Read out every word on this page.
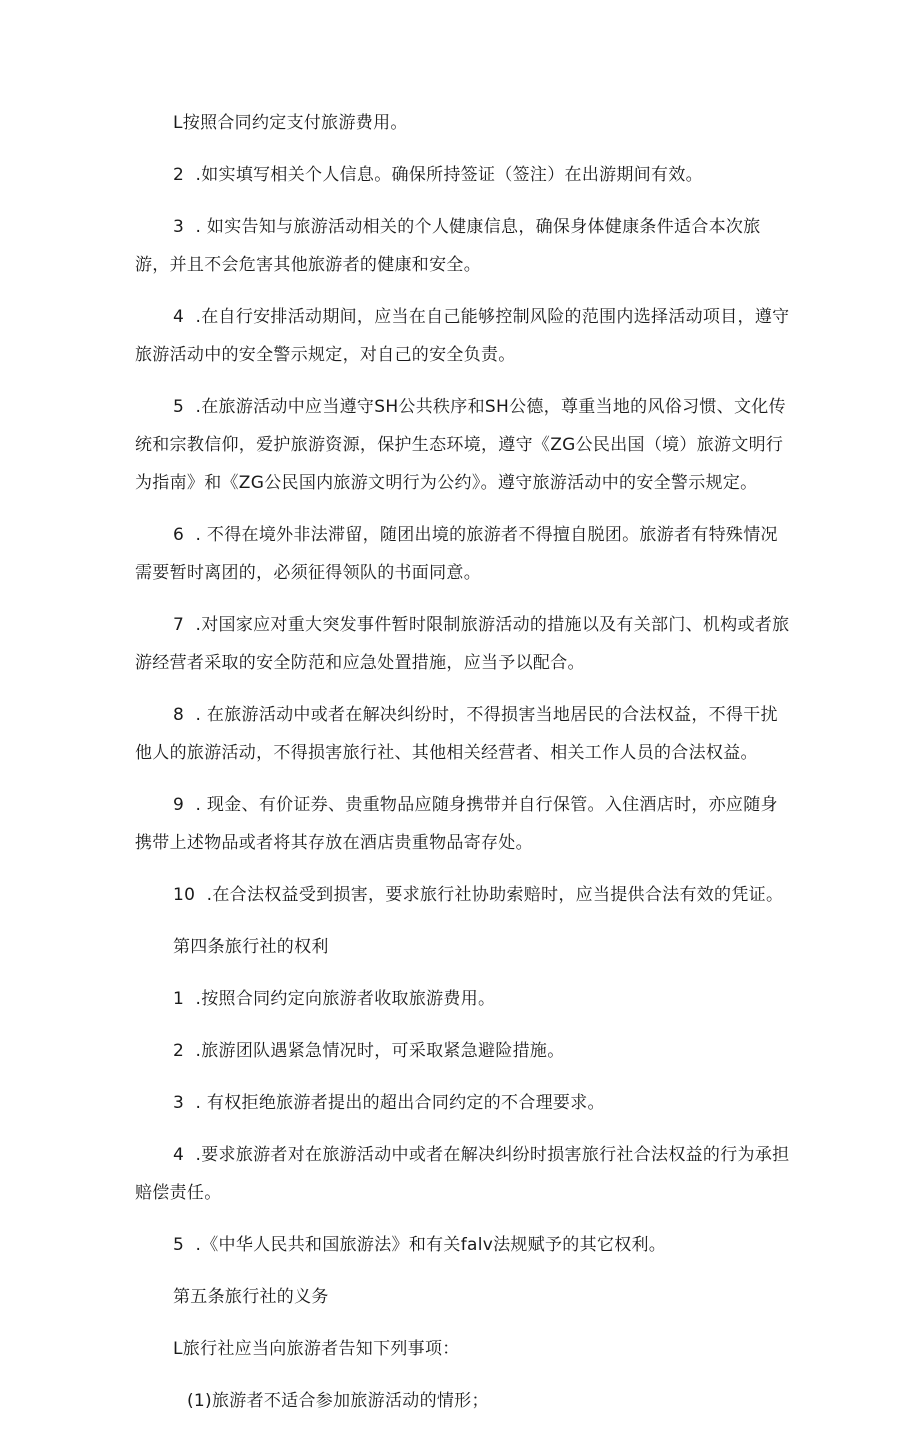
L按照合同约定支付旅游费用。

2  .如实填写相关个人信息。确保所持签证（签注）在出游期间有效。

3  . 如实告知与旅游活动相关的个人健康信息，确保身体健康条件适合本次旅游，并且不会危害其他旅游者的健康和安全。

4  .在自行安排活动期间，应当在自己能够控制风险的范围内选择活动项目，遵守旅游活动中的安全警示规定，对自己的安全负责。

5  .在旅游活动中应当遵守SH公共秩序和SH公德，尊重当地的风俗习惯、文化传统和宗教信仰，爱护旅游资源，保护生态环境，遵守《ZG公民出国（境）旅游文明行为指南》和《ZG公民国内旅游文明行为公约》。遵守旅游活动中的安全警示规定。

6  . 不得在境外非法滞留，随团出境的旅游者不得擅自脱团。旅游者有特殊情况需要暂时离团的，必须征得领队的书面同意。

7  .对国家应对重大突发事件暂时限制旅游活动的措施以及有关部门、机构或者旅游经营者采取的安全防范和应急处置措施，应当予以配合。

8  . 在旅游活动中或者在解决纠纷时，不得损害当地居民的合法权益，不得干扰他人的旅游活动，不得损害旅行社、其他相关经营者、相关工作人员的合法权益。

9  . 现金、有价证券、贵重物品应随身携带并自行保管。入住酒店时，亦应随身携带上述物品或者将其存放在酒店贵重物品寄存处。

10  .在合法权益受到损害，要求旅行社协助索赔时，应当提供合法有效的凭证。

第四条旅行社的权利

1  .按照合同约定向旅游者收取旅游费用。

2  .旅游团队遇紧急情况时，可采取紧急避险措施。

3  . 有权拒绝旅游者提出的超出合同约定的不合理要求。

4  .要求旅游者对在旅游活动中或者在解决纠纷时损害旅行社合法权益的行为承担赔偿责任。

5  .《中华人民共和国旅游法》和有关falv法规赋予的其它权利。

第五条旅行社的义务

L旅行社应当向旅游者告知下列事项：

(1)旅游者不适合参加旅游活动的情形；
